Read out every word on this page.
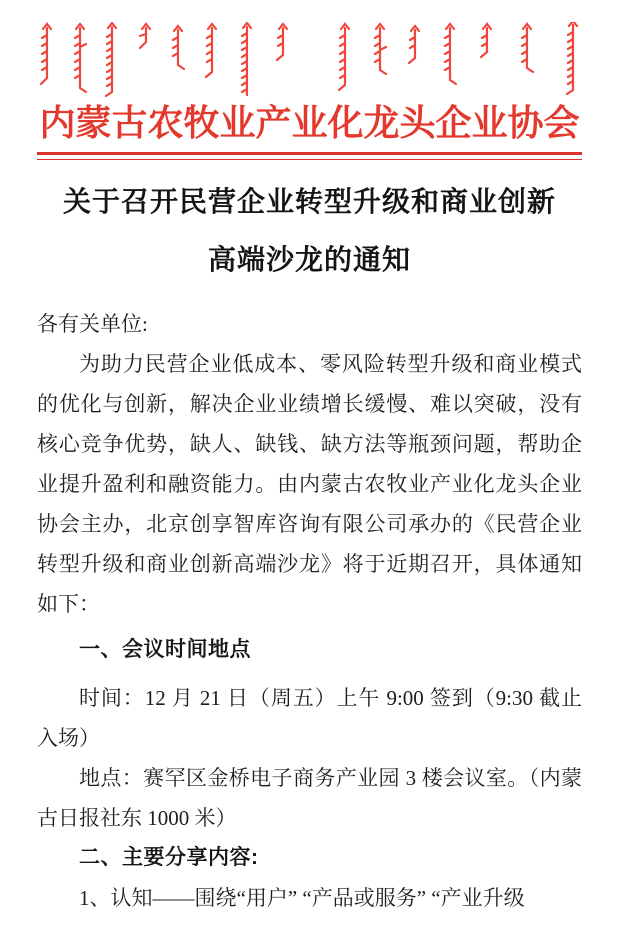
内蒙古农牧业产业化龙头企业协会
关于召开民营企业转型升级和商业创新
高端沙龙的通知
各有关单位:

为助力民营企业低成本、零风险转型升级和商业模式的优化与创新，解决企业业绩增长缓慢、难以突破，没有核心竞争优势，缺人、缺钱、缺方法等瓶颈问题，帮助企业提升盈利和融资能力。由内蒙古农牧业产业化龙头企业协会主办，北京创享智库咨询有限公司承办的《民营企业转型升级和商业创新高端沙龙》将于近期召开，具体通知如下：

一、会议时间地点

时间：12 月 21 日（周五）上午 9:00 签到（9:30 截止入场）

地点：赛罕区金桥电子商务产业园 3 楼会议室。（内蒙古日报社东 1000 米）

二、主要分享内容:

1、认知——围绕“用户” “产品或服务” “产业升级
